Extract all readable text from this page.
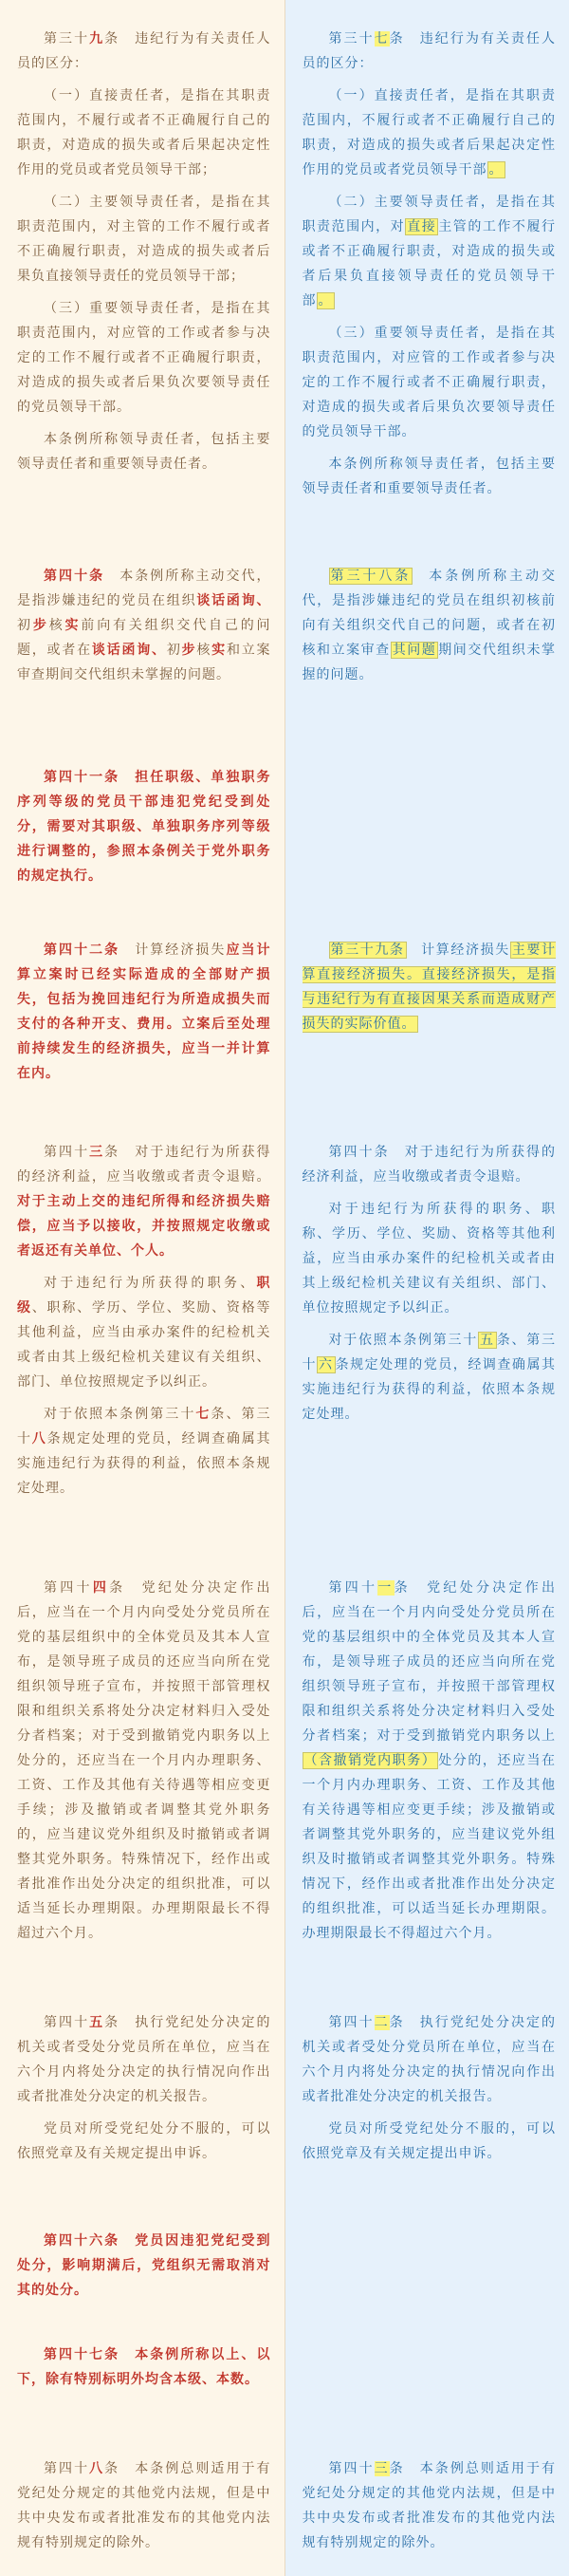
第三十九条　 违纪行为有关责任人员的区分：

（一）直接责任者，是指在其职责范围内，不履行或者不正确履行自己的职责，对造成的损失或者后果起决定性作用的党员或者党员领导干部；

（二）主要领导责任者，是指在其职责范围内，对主管的工作不履行或者不正确履行职责，对造成的损失或者后果负直接领导责任的党员领导干部；

（三）重要领导责任者，是指在其职责范围内，对应管的工作或者参与决定的工作不履行或者不正确履行职责，对造成的损失或者后果负次要领导责任的党员领导干部。

本条例所称领导责任者，包括主要领导责任者和重要领导责任者。

第四十条　 本条例所称主动交代，是指涉嫌违纪的党员在组织谈话函询、初步核实前向有关组织交代自己的问题，或者在谈话函询、初步核实和立案审查期间交代组织未掌握的问题。

第四十一条　担任职级、单独职务序列等级的党员干部违犯党纪受到处分，需要对其职级、单独职务序列等级进行调整的，参照本条例关于党外职务的规定执行。

第四十二条　 计算经济损失应当计算立案时已经实际造成的全部财产损失，包括为挽回违纪行为所造成损失而支付的各种开支、费用。立案后至处理前持续发生的经济损失，应当一并计算在内。

第四十三条　 对于违纪行为所获得的经济利益，应当收缴或者责令退赔。对于主动上交的违纪所得和经济损失赔偿，应当予以接收，并按照规定收缴或者返还有关单位、个人。

对于违纪行为所获得的职务、职级、职称、学历、学位、奖励、资格等其他利益，应当由承办案件的纪检机关或者由其上级纪检机关建议有关组织、部门、单位按照规定予以纠正。

对于依照本条例第三十七条、第三十八条规定处理的党员，经调查确属其实施违纪行为获得的利益，依照本条规定处理。

第四十四条　 党纪处分决定作出后，应当在一个月内向受处分党员所在党的基层组织中的全体党员及其本人宣布，是领导班子成员的还应当向所在党组织领导班子宣布，并按照干部管理权限和组织关系将处分决定材料归入受处分者档案；对于受到撤销党内职务以上处分的，还应当在一个月内办理职务、工资、工作及其他有关待遇等相应变更手续；涉及撤销或者调整其党外职务的，应当建议党外组织及时撤销或者调整其党外职务。特殊情况下，经作出或者批准作出处分决定的组织批准，可以适当延长办理期限。办理期限最长不得超过六个月。

第四十五条　 执行党纪处分决定的机关或者受处分党员所在单位，应当在六个月内将处分决定的执行情况向作出或者批准处分决定的机关报告。

党员对所受党纪处分不服的，可以依照党章及有关规定提出申诉。

第四十六条　党员因违犯党纪受到处分，影响期满后，党组织无需取消对其的处分。

第四十七条　本条例所称以上、以下，除有特别标明外均含本级、本数。

第四十八条　 本条例总则适用于有党纪处分规定的其他党内法规，但是中共中央发布或者批准发布的其他党内法规有特别规定的除外。

第三十七条　 违纪行为有关责任人员的区分：

（一）直接责任者，是指在其职责范围内，不履行或者不正确履行自己的职责，对造成的损失或者后果起决定性作用的党员或者党员领导干部 。

（二）主要领导责任者，是指在其职责范围内，对 直接 主管的工作不履行或者不正确履行职责，对造成的损失或者后果负直接领导责任的党员领导干部 。

（三）重要领导责任者，是指在其职责范围内，对应管的工作或者参与决定的工作不履行或者不正确履行职责，对造成的损失或者后果负次要领导责任的党员领导干部。

本条例所称领导责任者，包括主要领导责任者和重要领导责任者。

第三十八条　 本条例所称主动交代，是指涉嫌违纪的党员在组织初核前向有关组织交代自己的问题，或者在初核和立案审查 其问题 期间交代组织未掌握的问题。

第三十九条　 计算经济损失 主要计算直接经济损失。直接经济损失，是指与违纪行为有直接因果关系而造成财产损失的实际价值。

第四十条　 对于违纪行为所获得的经济利益，应当收缴或者责令退赔。

对于违纪行为所获得的职务、职称、学历、学位、奖励、资格等其他利益，应当由承办案件的纪检机关或者由其上级纪检机关建议有关组织、部门、单位按照规定予以纠正。

对于依照本条例第三十 五 条、第三十 六 条规定处理的党员，经调查确属其实施违纪行为获得的利益，依照本条规定处理。

第四十一条　 党纪处分决定作出后，应当在一个月内向受处分党员所在党的基层组织中的全体党员及其本人宣布，是领导班子成员的还应当向所在党组织领导班子宣布，并按照干部管理权限和组织关系将处分决定材料归入受处分者档案；对于受到撤销党内职务以上（含撤销党内职务） 处分的，还应当在一个月内办理职务、工资、工作及其他有关待遇等相应变更手续；涉及撤销或者调整其党外职务的，应当建议党外组织及时撤销或者调整其党外职务。特殊情况下，经作出或者批准作出处分决定的组织批准，可以适当延长办理期限。办理期限最长不得超过六个月。

第四十二条　 执行党纪处分决定的机关或者受处分党员所在单位，应当在六个月内将处分决定的执行情况向作出或者批准处分决定的机关报告。

党员对所受党纪处分不服的，可以依照党章及有关规定提出申诉。

第四十三条　 本条例总则适用于有党纪处分规定的其他党内法规，但是中共中央发布或者批准发布的其他党内法规有特别规定的除外。
